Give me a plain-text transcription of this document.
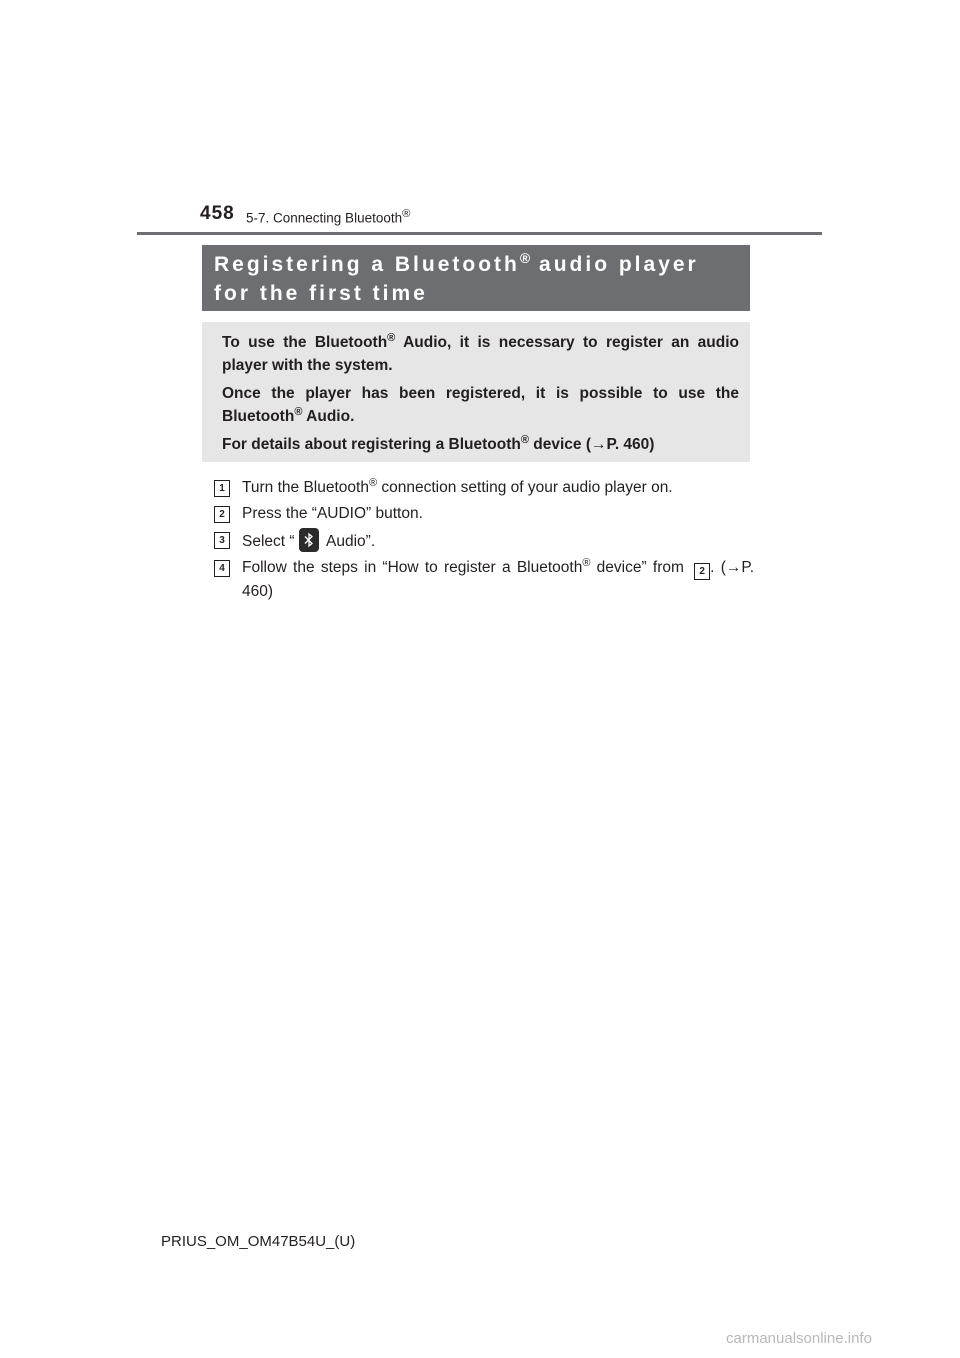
458 5-7. Connecting Bluetooth®
Registering a Bluetooth® audio player for the first time

To use the Bluetooth® Audio, it is necessary to register an audio player with the system.

Once the player has been registered, it is possible to use the Bluetooth® Audio.

For details about registering a Bluetooth® device (→P. 460)

1	Turn the Bluetooth® connection setting of your audio player on.
2	Press the “AUDIO” button.
3	Select “
Audio”.
4	Follow the steps in “How to register a Bluetooth® device” from 2 . (→P. 460)
PRIUS_OM_OM47B54U_(U)
carmanualsonline.info
